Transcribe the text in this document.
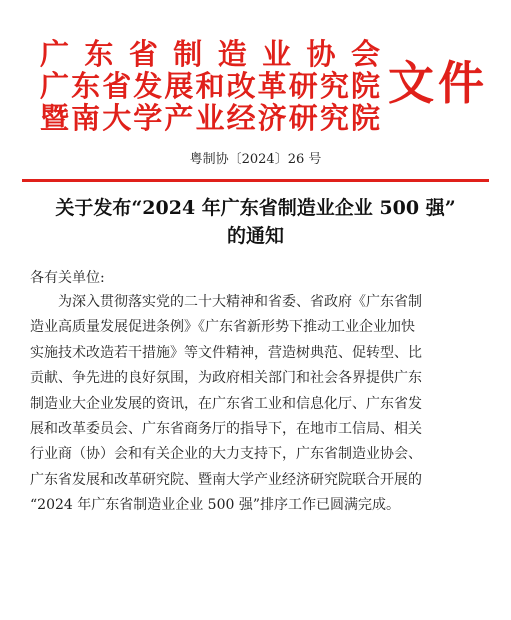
广 东 省 制 造 业 协 会
广 东 省 发 展 和 改 革 研 究 院
暨 南 大 学 产 业 经 济 研 究 院
文件
粤制协〔2024〕26 号
关于发布“2024 年广东省制造业企业 500 强”
的通知
各有关单位:
为深入贯彻落实党的二十大精神和省委、省政府《广东省制
造业高质量发展促进条例》《广东省新形势下推动工业企业加快
实施技术改造若干措施》等文件精神，营造树典范、促转型、比
贡献、争先进的良好氛围，为政府相关部门和社会各界提供广东
制造业大企业发展的资讯，在广东省工业和信息化厅、广东省发
展和改革委员会、广东省商务厅的指导下，在地市工信局、相关
行业商（协）会和有关企业的大力支持下，广东省制造业协会、
广东省发展和改革研究院、暨南大学产业经济研究院联合开展的
“2024 年广东省制造业企业 500 强”排序工作已圆满完成。
